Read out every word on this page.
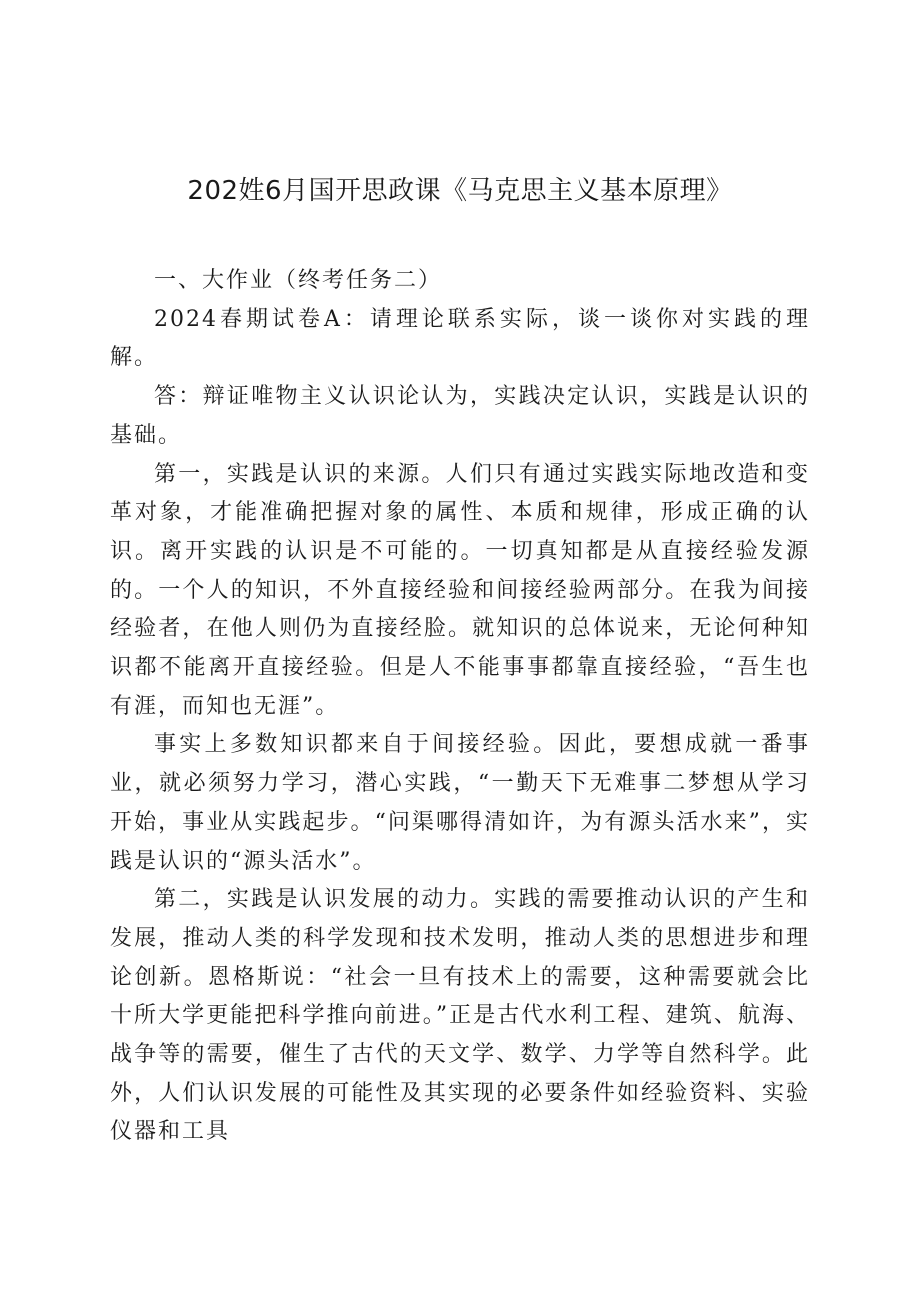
202姓6月国开思政课《马克思主义基本原理》

一、大作业（终考任务二）

2024春期试卷A：请理论联系实际，谈一谈你对实践的理解。

答：辩证唯物主义认识论认为，实践决定认识，实践是认识的基础。

第一，实践是认识的来源。人们只有通过实践实际地改造和变革对象，才能准确把握对象的属性、本质和规律，形成正确的认识。离开实践的认识是不可能的。一切真知都是从直接经验发源的。一个人的知识，不外直接经验和间接经验两部分。在我为间接经验者，在他人则仍为直接经脸。就知识的总体说来，无论何种知识都不能离开直接经验。但是人不能事事都靠直接经验，“吾生也有涯，而知也无涯”。

事实上多数知识都来自于间接经验。因此，要想成就一番事业，就必须努力学习，潜心实践，“一勤天下无难事二梦想从学习开始，事业从实践起步。“问渠哪得清如许，为有源头活水来”，实践是认识的“源头活水”。

第二，实践是认识发展的动力。实践的需要推动认识的产生和发展，推动人类的科学发现和技术发明，推动人类的思想进步和理论创新。恩格斯说：“社会一旦有技术上的需要，这种需要就会比十所大学更能把科学推向前进。”正是古代水利工程、建筑、航海、战争等的需要，催生了古代的天文学、数学、力学等自然科学。此外，人们认识发展的可能性及其实现的必要条件如经验资料、实验仪器和工具
